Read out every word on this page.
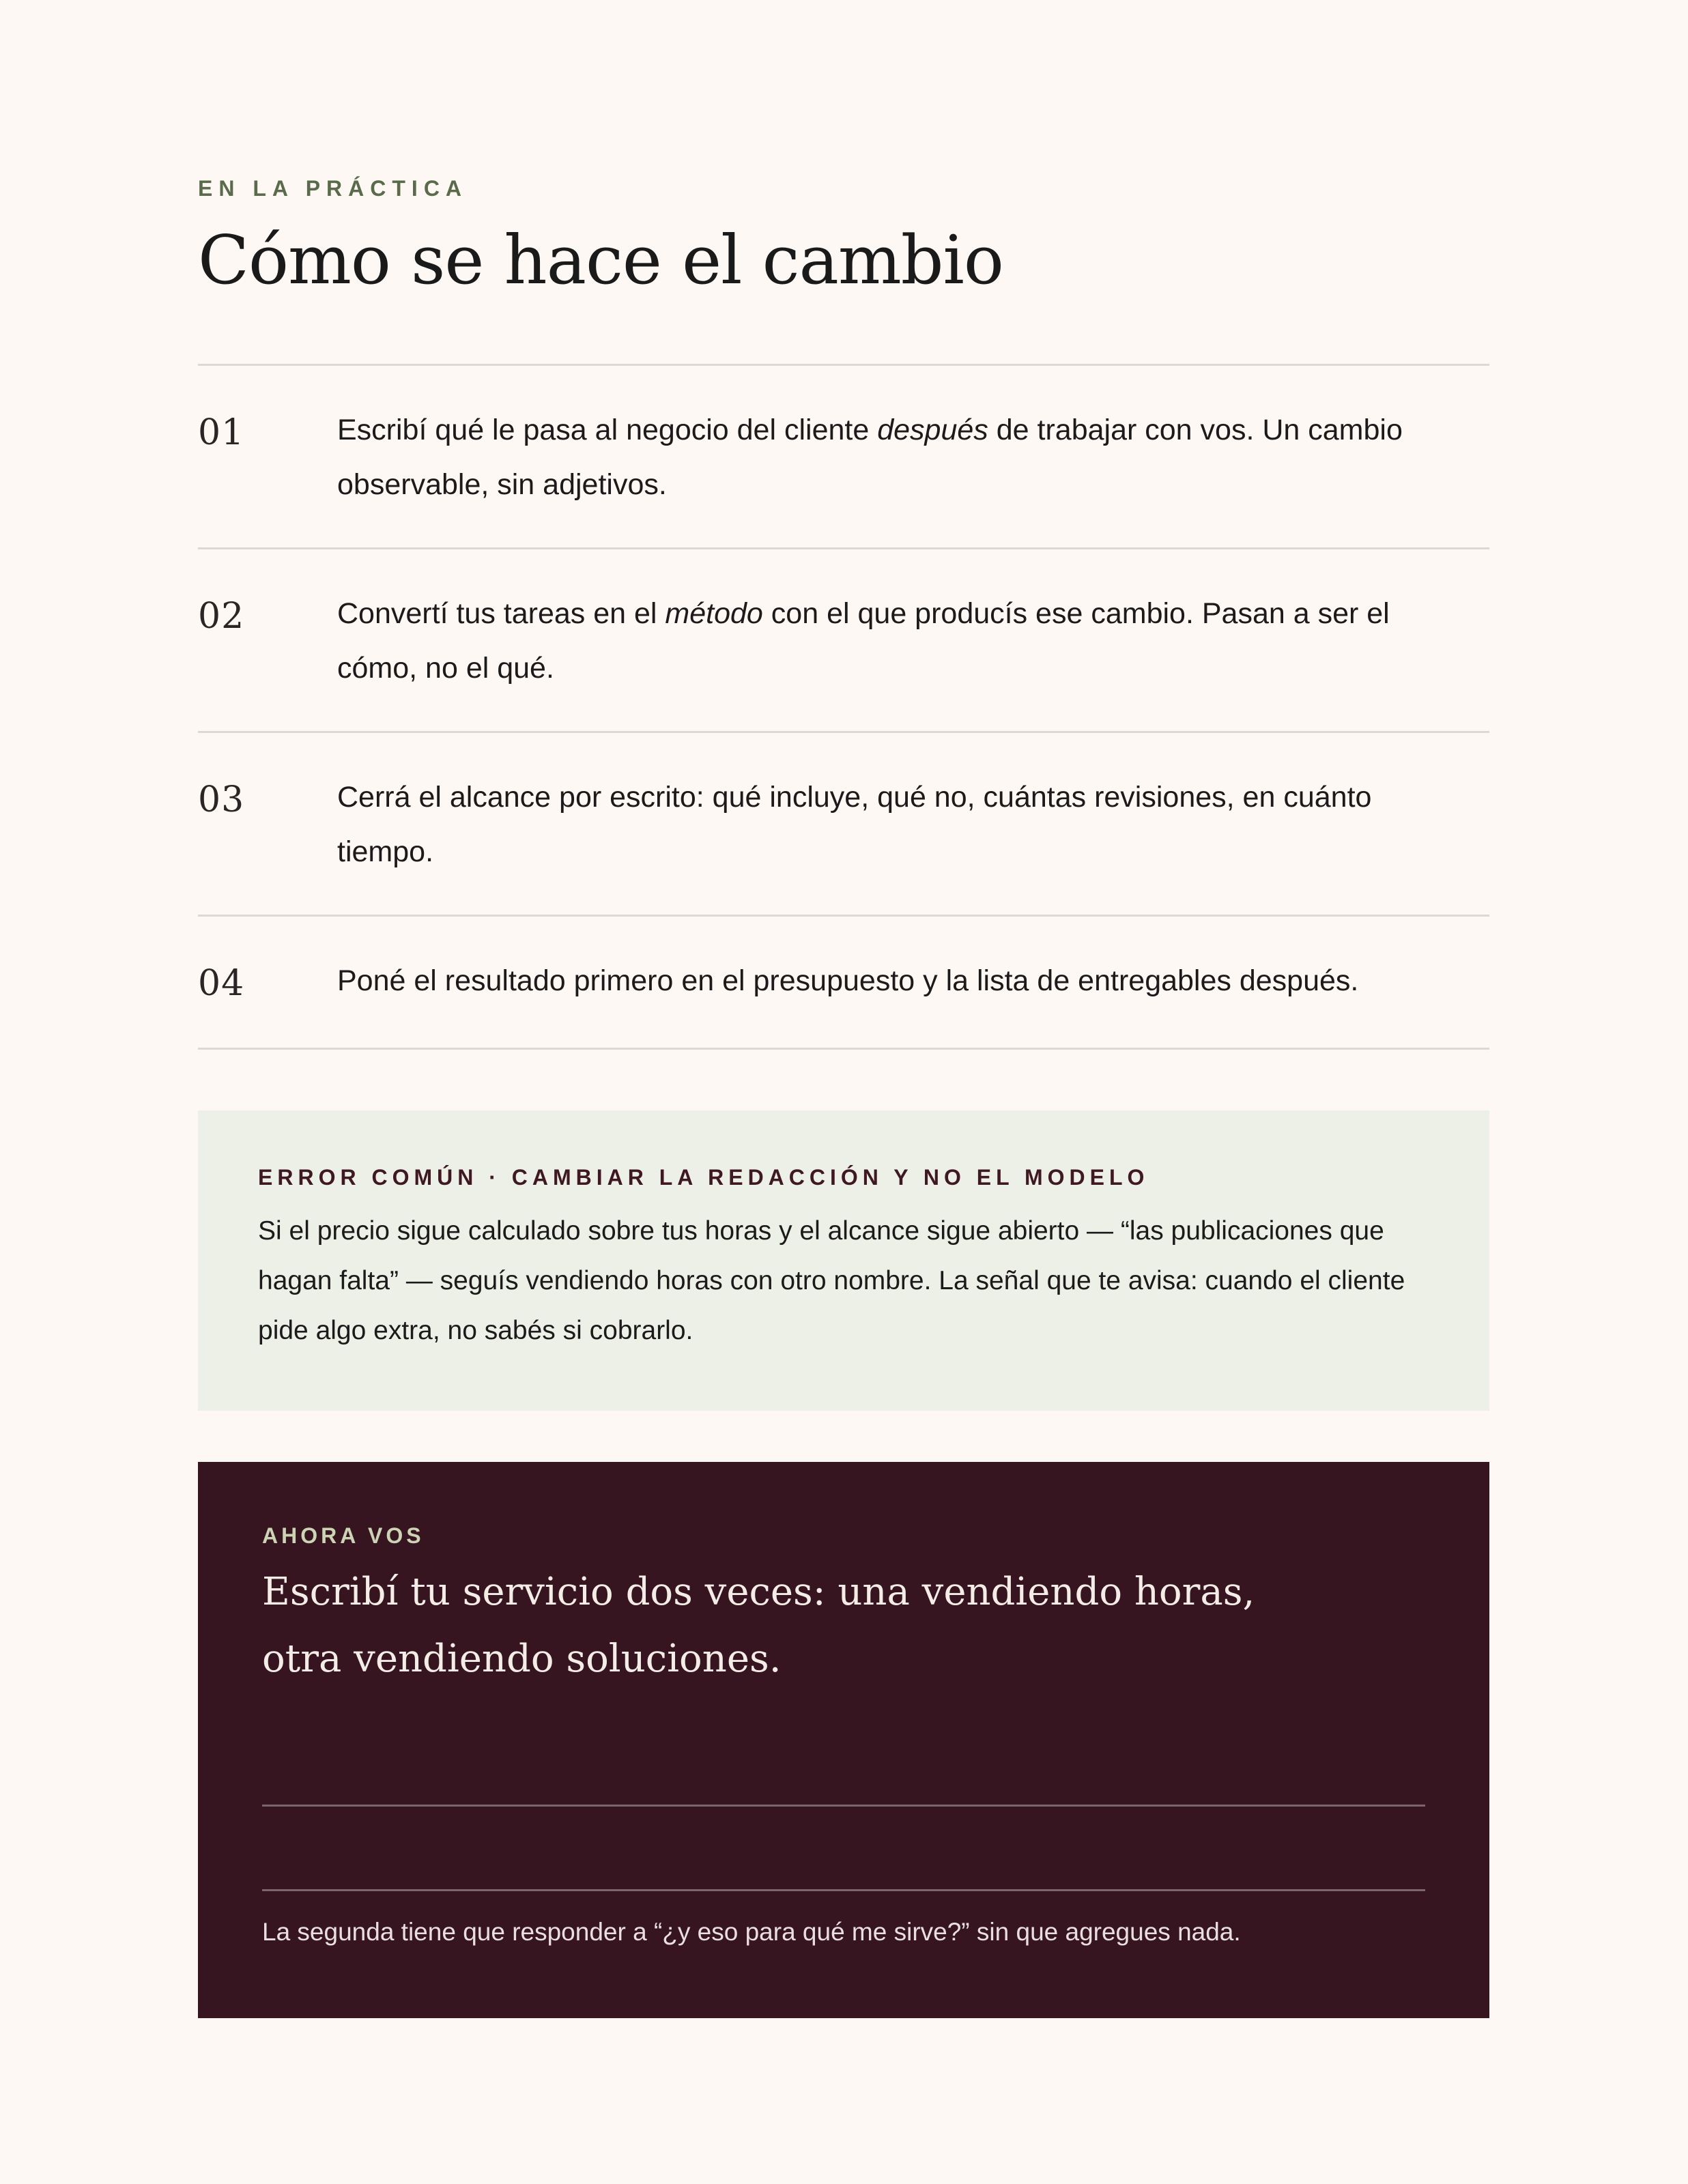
EN LA PRÁCTICA
Cómo se hace el cambio
01	Escribí qué le pasa al negocio del cliente después de trabajar con vos. Un cambio observable, sin adjetivos.
02	Convertí tus tareas en el método con el que producís ese cambio. Pasan a ser el cómo, no el qué.
03	Cerrá el alcance por escrito: qué incluye, qué no, cuántas revisiones, en cuánto tiempo.
04	Poné el resultado primero en el presupuesto y la lista de entregables después.
ERROR COMÚN · CAMBIAR LA REDACCIÓN Y NO EL MODELO
Si el precio sigue calculado sobre tus horas y el alcance sigue abierto — “las publicaciones que hagan falta” — seguís vendiendo horas con otro nombre. La señal que te avisa: cuando el cliente pide algo extra, no sabés si cobrarlo.
AHORA VOS
Escribí tu servicio dos veces: una vendiendo horas, otra vendiendo soluciones.
La segunda tiene que responder a “¿y eso para qué me sirve?” sin que agregues nada.
